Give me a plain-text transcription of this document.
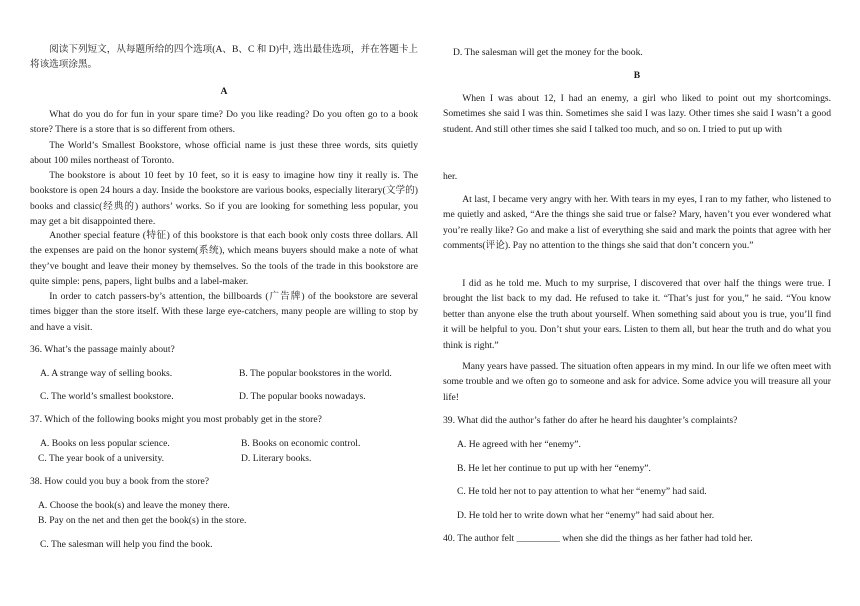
阅读下列短文，从每题所给的四个选项(A、B、C 和 D)中, 选出最佳选项，并在答题卡上将该选项涂黑。

A

What do you do for fun in your spare time? Do you like reading? Do you often go to a book store? There is a store that is so different from others.

The World’s Smallest Bookstore, whose official name is just these three words, sits quietly about 100 miles northeast of Toronto.

The bookstore is about 10 feet by 10 feet, so it is easy to imagine how tiny it really is. The bookstore is open 24 hours a day. Inside the bookstore are various books, especially literary(文学的) books and classic(经典的) authors’ works. So if you are looking for something less popular, you may get a bit disappointed there.

Another special feature (特征) of this bookstore is that each book only costs three dollars. All the expenses are paid on the honor system(系统), which means buyers should make a note of what they’ve bought and leave their money by themselves. So the tools of the trade in this bookstore are quite simple: pens, papers, light bulbs and a label-maker.

In order to catch passers-by’s attention, the billboards (广告牌) of the bookstore are several times bigger than the store itself. With these large eye-catchers, many people are willing to stop by and have a visit.

36. What’s the passage mainly about?

A. A strange way of selling books.	B. The popular bookstores in the world.
C. The world’s smallest bookstore.	D. The popular books nowadays.

37. Which of the following books might you most probably get in the store?

A. Books on less popular science.	B. Books on economic control.
C. The year book of a university.	D. Literary books.

38. How could you buy a book from the store?

A. Choose the book(s) and leave the money there.
B. Pay on the net and then get the book(s) in the store.
C. The salesman will help you find the book.
D. The salesman will get the money for the book.

B

When I was about 12, I had an enemy, a girl who liked to point out my shortcomings. Sometimes she said I was thin. Sometimes she said I was lazy. Other times she said I wasn’t a good student. And still other times she said I talked too much, and so on. I tried to put up with

her.

At last, I became very angry with her. With tears in my eyes, I ran to my father, who listened to me quietly and asked, “Are the things she said true or false? Mary, haven’t you ever wondered what you’re really like? Go and make a list of everything she said and mark the points that agree with her comments(评论). Pay no attention to the things she said that don’t concern you.”

I did as he told me. Much to my surprise, I discovered that over half the things were true. I brought the list back to my dad. He refused to take it. “That’s just for you,” he said. “You know better than anyone else the truth about yourself. When something said about you is true, you’ll find it will be helpful to you. Don’t shut your ears. Listen to them all, but hear the truth and do what you think is right.”

Many years have passed. The situation often appears in my mind. In our life we often meet with some trouble and we often go to someone and ask for advice. Some advice you will treasure all your life!

39. What did the author’s father do after he heard his daughter’s complaints?

A. He agreed with her “enemy”.
B. He let her continue to put up with her “enemy”.
C. He told her not to pay attention to what her “enemy” had said.
D. He told her to write down what her “enemy” had said about her.

40. The author felt _________ when she did the things as her father had told her.
